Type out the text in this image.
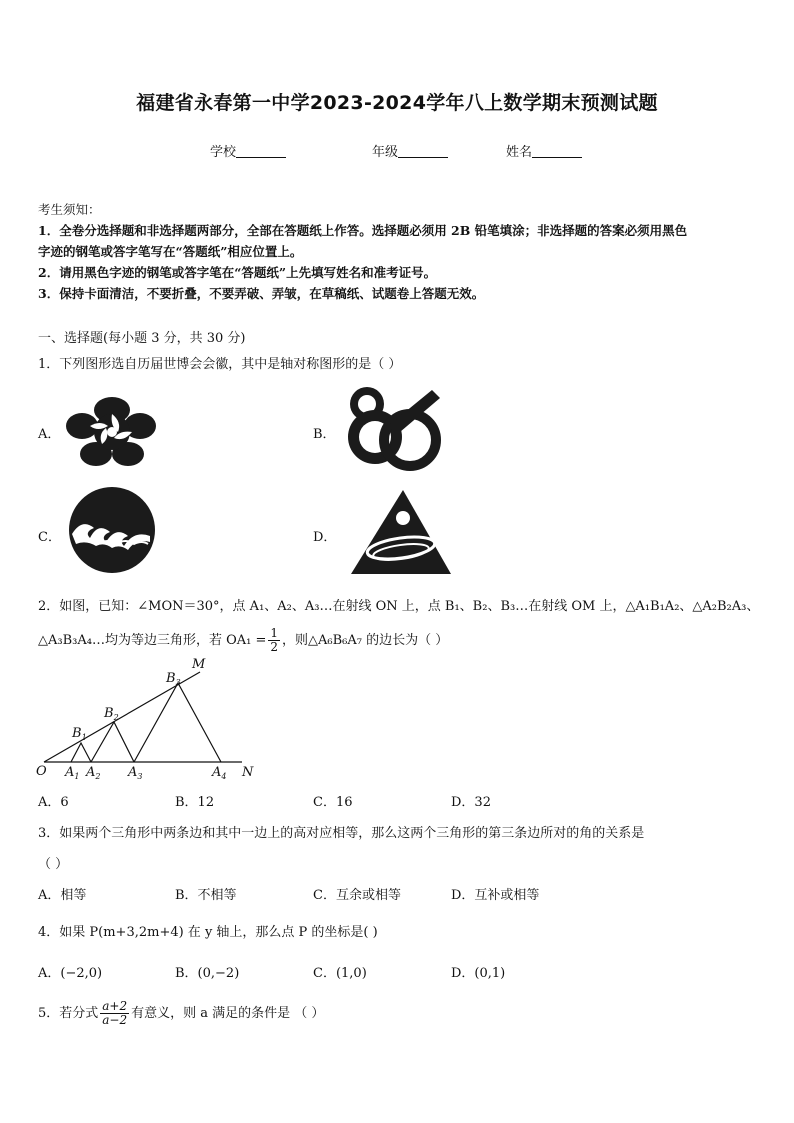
福建省永春第一中学2023-2024学年八上数学期末预测试题
学校	年级	姓名
考生须知：
1．全卷分选择题和非选择题两部分，全部在答题纸上作答。选择题必须用 2B 铅笔填涂；非选择题的答案必须用黑色
字迹的钢笔或答字笔写在“答题纸”相应位置上。
2．请用黑色字迹的钢笔或答字笔在“答题纸”上先填写姓名和准考证号。
3．保持卡面清洁，不要折叠，不要弄破、弄皱，在草稿纸、试题卷上答题无效。
一、选择题(每小题 3 分，共 30 分)
1．下列图形选自历届世博会会徽，其中是轴对称图形的是（ ）
A．	B．
C．	D．
2．如图，已知：∠MON＝30°，点 A₁、A₂、A₃…在射线 ON 上，点 B₁、B₂、B₃…在射线 OM 上，△A₁B₁A₂、△A₂B₂A₃、
△A₃B₃A₄…均为等边三角形，若 $OA_1 = \frac{1}{2}$ ，则△A₆B₆A₇ 的边长为（ ）
M
N
O
$B_1$
$B_2$
$B_3$
$A_1$ $A_2$ $A_3$	$A_4$
A．6	B．12	C．16	D．32
3．如果两个三角形中两条边和其中一边上的高对应相等，那么这两个三角形的第三条边所对的角的关系是
（ ）
A．相等	B．不相等	C．互余或相等	D．互补或相等
4．如果 P(m+3,2m+4) 在 y 轴上，那么点 P 的坐标是( )
A．(−2,0)	B．(0,−2)	C．(1,0)	D．(0,1)
5．若分式 $\frac{a+2}{a-2}$ 有意义，则 a 满足的条件是 （ ）
